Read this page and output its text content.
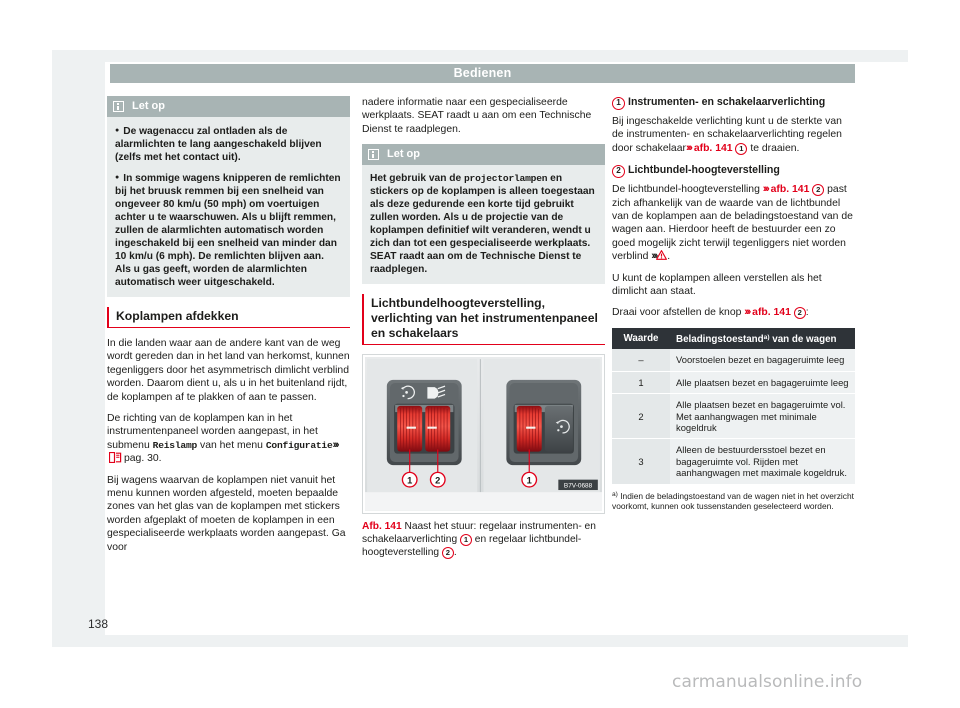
Bedienen
138
Let op

● De wagenaccu zal ontladen als de alarmlichten te lang aangeschakeld blijven (zelfs met het contact uit).

● In sommige wagens knipperen de remlichten bij het bruusk remmen bij een snelheid van ongeveer 80 km/u (50 mph) om voertuigen achter u te waarschuwen. Als u blijft remmen, zullen de alarmlichten automatisch worden ingeschakeld bij een snelheid van minder dan 10 km/u (6 mph). De remlichten blijven aan. Als u gas geeft, worden de alarmlichten automatisch weer uitgeschakeld.

Koplampen afdekken

In die landen waar aan de andere kant van de weg wordt gereden dan in het land van herkomst, kunnen tegenliggers door het asymmetrisch dimlicht verblind worden. Daarom dient u, als u in het buitenland rijdt, de koplampen af te plakken of aan te passen.

De richting van de koplampen kan in het instrumentenpaneel worden aangepast, in het submenu Reislamp van het menu Configuratie›››pag. 30.

Bij wagens waarvan de koplampen niet vanuit het menu kunnen worden afgesteld, moeten bepaalde zones van het glas van de koplampen met stickers worden afgeplakt of moeten de koplampen in een gespecialiseerde werkplaats worden aangepast. Ga voor

nadere informatie naar een gespecialiseerde werkplaats. SEAT raadt u aan om een Technische Dienst te raadplegen.

Let op

Het gebruik van de projectorlampen en stickers op de koplampen is alleen toegestaan als deze gedurende een korte tijd gebruikt zullen worden. Als u de projectie van de koplampen definitief wilt veranderen, wendt u zich dan tot een gespecialiseerde werkplaats. SEAT raadt aan om de Technische Dienst te raadplegen.

Lichtbundelhoogteverstelling, verlichting van het instrumentenpaneel en schakelaars
1	2	1
B7V-0688

Afb. 141 Naast het stuur: regelaar instrumenten- en schakelaarverlichting 1 en regelaar lichtbundel-hoogteverstelling 2 .

1 Instrumenten- en schakelaarverlichting

Bij ingeschakelde verlichting kunt u de sterkte van de instrumenten- en schakelaarverlichting regelen door schakelaar››› afb. 141 1 te draaien.

2 Lichtbundel-hoogteverstelling

De lichtbundel-hoogteverstelling ››› afb. 141 2 past zich afhankelijk van de waarde van de lichtbundel van de koplampen aan de beladingstoestand van de wagen aan. Hierdoor heeft de bestuurder een zo goed mogelijk zicht terwijl tegenliggers niet worden verblind ››› .

U kunt de koplampen alleen verstellen als het dimlicht aan staat.

Draai voor afstellen de knop ››› afb. 141 2 :

Waarde	Beladingstoestand$^{a)}$ van de wagen
–	Voorstoelen bezet en bagageruimte leeg
1	Alle plaatsen bezet en bagageruimte leeg
2	Alle plaatsen bezet en bagageruimte vol. Met aanhangwagen met minimale kogeldruk
3	Alleen de bestuurdersstoel bezet en bagageruimte vol. Rijden met aanhangwagen met maximale kogeldruk.

$^{a)}$ Indien de beladingstoestand van de wagen niet in het overzicht voorkomt, kunnen ook tussenstanden geselecteerd worden.

carmanualsonline.info
